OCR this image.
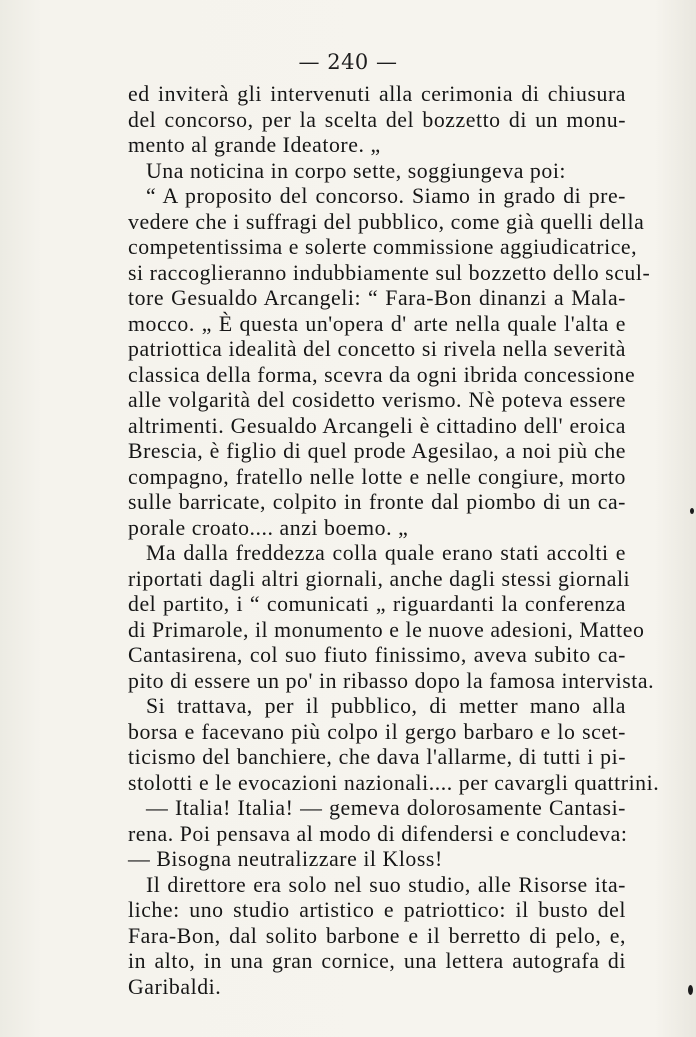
— 240 —
ed inviterà gli intervenuti alla cerimonia di chiusura
del concorso, per la scelta del bozzetto di un monu-
mento al grande Ideatore. „
Una noticina in corpo sette, soggiungeva poi:
“ A proposito del concorso. Siamo in grado di pre-
vedere che i suffragi del pubblico, come già quelli della
competentissima e solerte commissione aggiudicatrice,
si raccoglieranno indubbiamente sul bozzetto dello scul-
tore Gesualdo Arcangeli: “ Fara-Bon dinanzi a Mala-
mocco. „ È questa un'opera d' arte nella quale l'alta e
patriottica idealità del concetto si rivela nella severità
classica della forma, scevra da ogni ibrida concessione
alle volgarità del cosidetto verismo. Nè poteva essere
altrimenti. Gesualdo Arcangeli è cittadino dell' eroica
Brescia, è figlio di quel prode Agesilao, a noi più che
compagno, fratello nelle lotte e nelle congiure, morto
sulle barricate, colpito in fronte dal piombo di un ca-
porale croato.... anzi boemo. „
Ma dalla freddezza colla quale erano stati accolti e
riportati dagli altri giornali, anche dagli stessi giornali
del partito, i “ comunicati „ riguardanti la conferenza
di Primarole, il monumento e le nuove adesioni, Matteo
Cantasirena, col suo fiuto finissimo, aveva subito ca-
pito di essere un po' in ribasso dopo la famosa intervista.
Si trattava, per il pubblico, di metter mano alla
borsa e facevano più colpo il gergo barbaro e lo scet-
ticismo del banchiere, che dava l'allarme, di tutti i pi-
stolotti e le evocazioni nazionali.... per cavargli quattrini.
— Italia! Italia! — gemeva dolorosamente Cantasi-
rena. Poi pensava al modo di difendersi e concludeva:
— Bisogna neutralizzare il Kloss!
Il direttore era solo nel suo studio, alle Risorse ita-
liche: uno studio artistico e patriottico: il busto del
Fara-Bon, dal solito barbone e il berretto di pelo, e,
in alto, in una gran cornice, una lettera autografa di
Garibaldi.
